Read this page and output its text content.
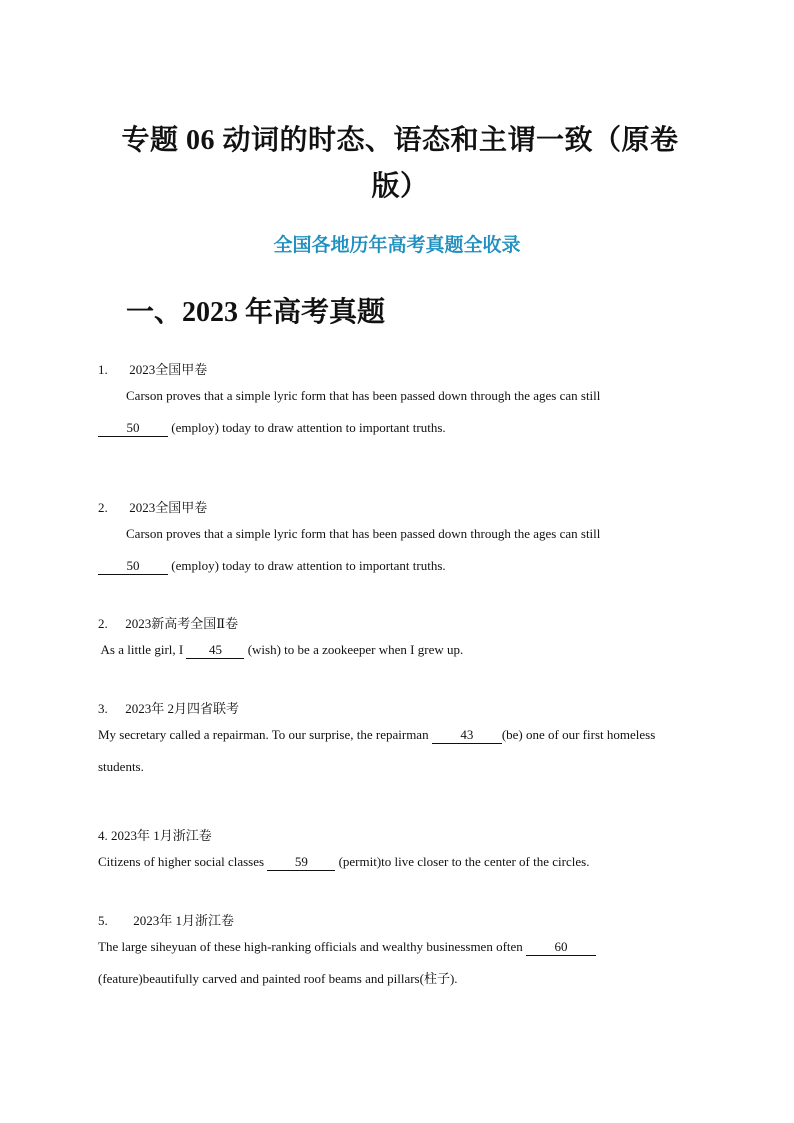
专题 06 动词的时态、语态和主谓一致（原卷
版）

全国各地历年高考真题全收录

一、2023 年高考真题
1. 2023全国甲卷
Carson proves that a simple lyric form that has been passed down through the ages can still
50 (employ) today to draw attention to important truths.
2. 2023全国甲卷
Carson proves that a simple lyric form that has been passed down through the ages can still
50 (employ) today to draw attention to important truths.
2. 2023新高考全国Ⅱ卷
As a little girl, I 45 (wish) to be a zookeeper when I grew up.
3. 2023年 2月四省联考
My secretary called a repairman. To our surprise, the repairman 43 (be) one of our first homeless
students.
4. 2023年 1月浙江卷
Citizens of higher social classes 59 (permit)to live closer to the center of the circles.
5. 2023年 1月浙江卷
The large siheyuan of these high-ranking officials and wealthy businessmen often 60
(feature)beautifully carved and painted roof beams and pillars(柱子).
